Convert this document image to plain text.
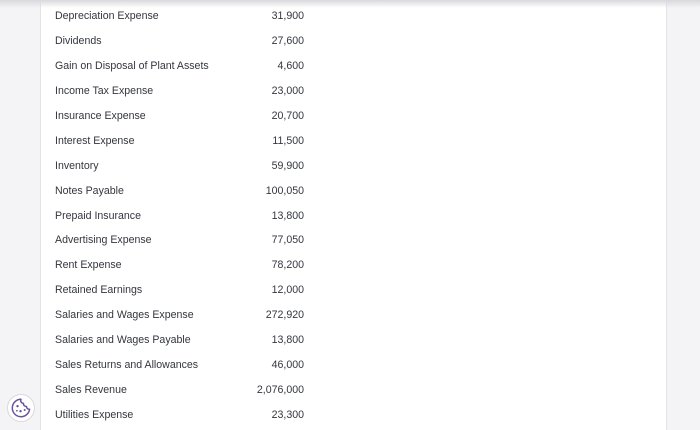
Depreciation Expense	31,900
Dividends	27,600
Gain on Disposal of Plant Assets	4,600
Income Tax Expense	23,000
Insurance Expense	20,700
Interest Expense	11,500
Inventory	59,900
Notes Payable	100,050
Prepaid Insurance	13,800
Advertising Expense	77,050
Rent Expense	78,200
Retained Earnings	12,000
Salaries and Wages Expense	272,920
Salaries and Wages Payable	13,800
Sales Returns and Allowances	46,000
Sales Revenue	2,076,000
Utilities Expense	23,300
